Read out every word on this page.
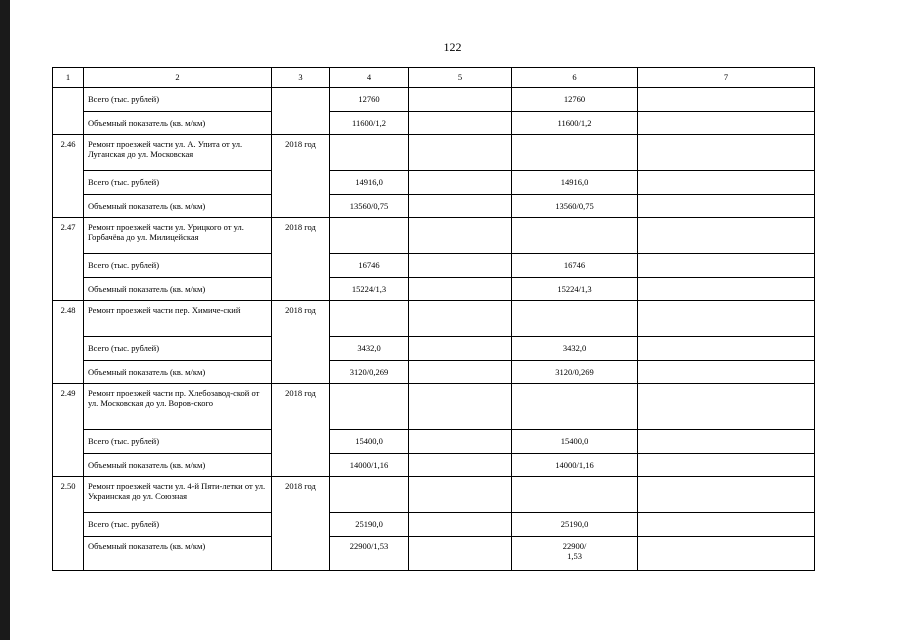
122
1	2	3	4	5	6	7
	Всего (тыс. рублей)		12760		12760	
	Объемный показатель (кв. м/км)		11600/1,2		11600/1,2	
2.46	Ремонт проезжей части ул. А. Упита от ул. Луганская до ул. Московская	2018 год				
	Всего (тыс. рублей)		14916,0		14916,0	
	Объемный показатель (кв. м/км)		13560/0,75		13560/0,75	
2.47	Ремонт проезжей части ул. Урицкого от ул. Горбачёва до ул. Милицейская	2018 год				
	Всего (тыс. рублей)		16746		16746	
	Объемный показатель (кв. м/км)		15224/1,3		15224/1,3	
2.48	Ремонт проезжей части пер. Химиче-ский	2018 год				
	Всего (тыс. рублей)		3432,0		3432,0	
	Объемный показатель (кв. м/км)		3120/0,269		3120/0,269	
2.49	Ремонт проезжей части пр. Хлебозавод-ской от ул. Московская до ул. Воров-ского	2018 год				
	Всего (тыс. рублей)		15400,0		15400,0	
	Объемный показатель (кв. м/км)		14000/1,16		14000/1,16	
2.50	Ремонт проезжей части ул. 4-й Пяти-летки от ул. Украинская до ул. Союзная	2018 год				
	Всего (тыс. рублей)		25190,0		25190,0	
	Объемный показатель (кв. м/км)		22900/1,53		22900/
1,53	
